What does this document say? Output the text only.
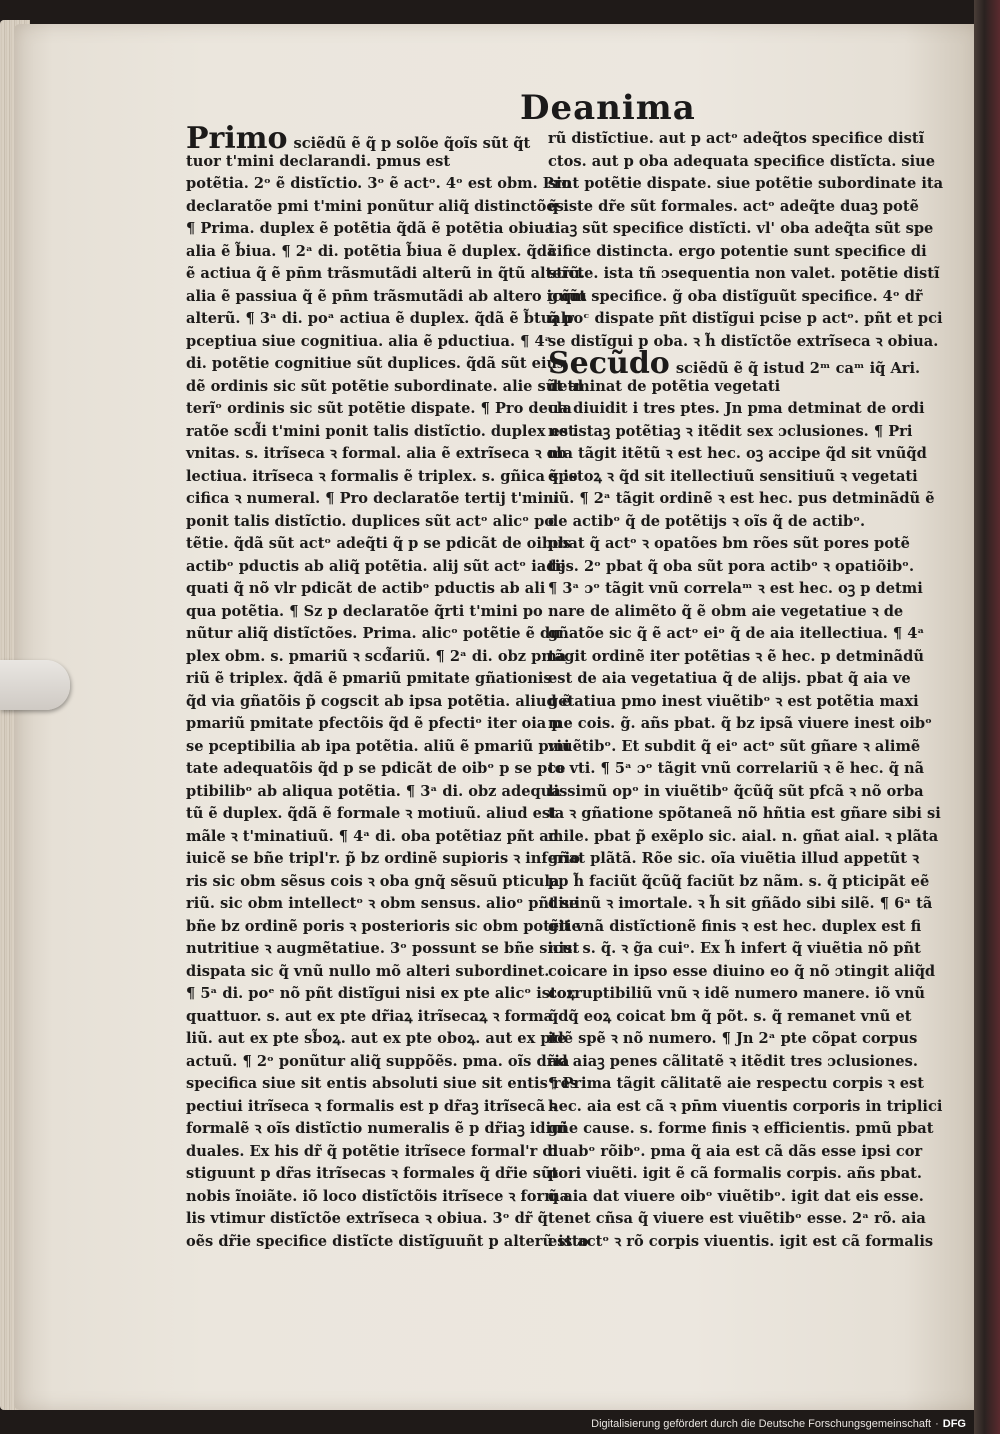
Deanima
Primo sciẽdũ ẽ q̃ p solõe q̃oĩs sũt q̃t
tuor t'mini declarandi. pmus est
potẽtia. 2ᵒ ẽ distĩctio. 3ᵒ ẽ actᵒ. 4ᵒ est obm. Pro
declaratõe pmi t'mini ponũtur aliq̃ distinctões.
¶ Prima. duplex ẽ potẽtia q̃dã ẽ potẽtia obiua
alia ẽ b̃iua. ¶ 2ᵃ di. potẽtia b̃iua ẽ duplex. q̃dã
ẽ actiua q̃ ẽ pn̄m trãsmutãdi alterũ in q̃tũ alterũ.
alia ẽ passiua q̃ ẽ pn̄m trãsmutãdi ab altero icq̃m
alterũ. ¶ 3ᵃ di. poᵃ actiua ẽ duplex. q̃dã ẽ b̃tualr
pceptiua siue cognitiua. alia ẽ pductiua. ¶ 4ᵃ
di. potẽtie cognitiue sũt duplices. q̃dã sũt eiusͤ
dẽ ordinis sic sũt potẽtie subordinate. alie sũt al
terĩᵒ ordinis sic sũt potẽtie dispate. ¶ Pro decla
ratõe scd̃i t'mini ponit talis distĩctio. duplex est
vnitas. s. itrĩseca ꝛ formal. alia ẽ extrĩseca ꝛ ob
lectiua. itrĩseca ꝛ formalis ẽ triplex. s. gñica spe
cifica ꝛ numeral. ¶ Pro declaratõe tertij t'mini
ponit talis distĩctio. duplices sũt actᵒ alicᵒ po
tẽtie. q̃dã sũt actᵒ adeq̃ti q̃ p se pdicãt de oibus
actibᵒ pductis ab aliq̃ potẽtia. alij sũt actᵒ iade
quati q̃ nõ vlr pdicãt de actibᵒ pductis ab ali
qua potẽtia. ¶ Sz p declaratõe q̃rti t'mini po
nũtur aliq̃ distĩctões. Prima. alicᵒ potẽtie ẽ du
plex obm. s. pmariũ ꝛ scd̃ariũ. ¶ 2ᵃ di. obz pma
riũ ẽ triplex. q̃dã ẽ pmariũ pmitate gñationis
q̃d via gñatõis p̃ cogscit ab ipsa potẽtia. aliud ẽ
pmariũ pmitate pfectõis q̃d ẽ pfectiᵒ iter oia p
se pceptibilia ab ipa potẽtia. aliũ ẽ pmariũ pmi
tate adequatõis q̃d p se pdicãt de oibᵒ p se pce
ptibilibᵒ ab aliqua potẽtia. ¶ 3ᵃ di. obz adequa
tũ ẽ duplex. q̃dã ẽ formale ꝛ motiuũ. aliud est
mãle ꝛ t'minatiuũ. ¶ 4ᵃ di. oba potẽtiaz pñt ad
iuicẽ se bñe tripl'r. p̃ bz ordinẽ supioris ꝛ inferio
ris sic obm sẽsus cois ꝛ oba gnq̃ sẽsuũ pticula
riũ. sic obm intellectᵒ ꝛ obm sensus. alioᵒ pñt se
bñe bz ordinẽ poris ꝛ posterioris sic obm potẽtie
nutritiue ꝛ augmẽtatiue. 3ᵒ possunt se bñe sicut
dispata sic q̃ vnũ nullo mõ alteri subordinet.
¶ 5ᵃ di. poᵉ nõ pñt distĩgui nisi ex pte alicᵒ istoꝝ
quattuor. s. aut ex pte dr̃iaꝝ itrĩsecaꝝ ꝛ forma
liũ. aut ex pte sb̃oꝝ. aut ex pte oboꝝ. aut ex pte
actuũ. ¶ 2ᵒ ponũtur aliq̃ suppõẽs. pma. oĩs dr̃ia
specifica siue sit entis absoluti siue sit entis res
pectiui itrĩseca ꝛ formalis est p dr̃aꝫ itrĩsecã ꝛ
formalẽ ꝛ oĩs distĩctio numeralis ẽ p dr̃iaꝫ idiui
duales. Ex his dr̃ q̃ potẽtie itrĩsece formal'r di
stiguunt p dr̃as itrĩsecas ꝛ formales q̃ dr̃ie sũt
nobis ĩnoiãte. iõ loco distĩctõis itrĩsece ꝛ forma
lis vtimur distĩctõe extrĩseca ꝛ obiua. 3ᵒ dr̃ q̃
oẽs dr̃ie specifice distĩcte distĩguuñt p alterũ isto
rũ distĩctiue. aut p actᵒ adeq̃tos specifice distĩ
ctos. aut p oba adequata specifice distĩcta. siue
sint potẽtie dispate. siue potẽtie subordinate ita
q̃ iste dr̃e sũt formales. actᵒ adeq̃te duaꝫ potẽ
tiaꝫ sũt specifice distĩcti. vl' oba adeq̃ta sũt spe
cifice distincta. ergo potentie sunt specifice di
stĩcte. ista tñ ɔsequentia non valet. potẽtie distĩ
guũt specifice. g̃ oba distĩguũt specifice. 4ᵒ dr̃
q̃ poᶜ dispate pñt distĩgui pcise p actᵒ. pñt et pci
se distĩgui p oba. ꝛ h̃ distĩctõe extrĩseca ꝛ obiua.
Secũdo sciẽdũ ẽ q̃ istud 2ᵐ caᵐ iq̃ Ari.
detminat de potẽtia vegetati
ua diuidit i tres ptes. Jn pma detminat de ordi
ne istaꝫ potẽtiaꝫ ꝛ itẽdit sex ɔclusiones. ¶ Pri
ma tãgit itẽtũ ꝛ est hec. oꝫ accipe q̃d sit vnũq̃d
q̃ istoꝝ ꝛ q̃d sit itellectiuũ sensitiuũ ꝛ vegetati
uũ. ¶ 2ᵃ tãgit ordinẽ ꝛ est hec. pus detminãdũ ẽ
de actibᵒ q̃ de potẽtijs ꝛ oĩs q̃ de actibᵒ.
pbat q̃ actᵒ ꝛ opatões bm rões sũt pores potẽ
tijs. 2ᵒ pbat q̃ oba sũt pora actibᵒ ꝛ opatiõibᵒ.
¶ 3ᵃ ɔᵒ tãgit vnũ correlaᵐ ꝛ est hec. oꝫ p detmi
nare de alimẽto q̃ ẽ obm aie vegetatiue ꝛ de
gñatõe sic q̃ ẽ actᵒ eiᵒ q̃ de aia itellectiua. ¶ 4ᵃ
tãgit ordinẽ iter potẽtias ꝛ ẽ hec. p detminãdũ
est de aia vegetatiua q̃ de alijs. pbat q̃ aia ve
getatiua pmo inest viuẽtibᵒ ꝛ est potẽtia maxi
me cois. g̃. añs pbat. q̃ bz ipsã viuere inest oibᵒ
viuẽtibᵒ. Et subdit q̃ eiᵒ actᵒ sũt gñare ꝛ alimẽ
to vti. ¶ 5ᵃ ɔᵒ tãgit vnũ correlariũ ꝛ ẽ hec. q̃ nã
lissimũ opᵒ in viuẽtibᵒ q̃cũq̃ sũt pfcã ꝛ nõ orba
ta ꝛ gñatione spõtaneã nõ hñtia est gñare sibi si
mile. pbat p̃ exẽplo sic. aial. n. gñat aial. ꝛ plãta
gñat plãtã. Rõe sic. oĩa viuẽtia illud appetũt ꝛ
pp h̃ faciũt q̃cũq̃ faciũt bz nãm. s. q̃ pticipãt eẽ
diuinũ ꝛ imortale. ꝛ h̃ sit gñãdo sibi silẽ. ¶ 6ᵃ tã
git vnã distĩctionẽ finis ꝛ est hec. duplex est fi
nis. s. q̃. ꝛ g̃a cuiᵒ. Ex h̃ infert q̃ viuẽtia nõ pñt
coicare in ipso esse diuino eo q̃ nõ ɔtingit aliq̃d
corruptibiliũ vnũ ꝛ idẽ numero manere. iõ vnũ
q̃dq̃ eoꝝ coicat bm q̃ põt. s. q̃ remanet vnũ et
idẽ spẽ ꝛ nõ numero. ¶ Jn 2ᵃ pte cõpat corpus
ad aiaꝫ penes cãlitatẽ ꝛ itẽdit tres ɔclusiones.
¶ Prima tãgit cãlitatẽ aie respectu corpis ꝛ est
hec. aia est cã ꝛ pn̄m viuentis corporis in triplici
gñe cause. s. forme finis ꝛ efficientis. pmũ pbat
duabᵒ rõibᵒ. pma q̃ aia est cã dãs esse ipsi cor
pori viuẽti. igit ẽ cã formalis corpis. añs pbat.
q̃ aia dat viuere oibᵒ viuẽtibᵒ. igit dat eis esse.
tenet cñsa q̃ viuere est viuẽtibᵒ esse. 2ᵃ rõ. aia
est actᵒ ꝛ rõ corpis viuentis. igit est cã formalis
Digitalisierung gefördert durch die Deutsche Forschungsgemeinschaft · DFG
